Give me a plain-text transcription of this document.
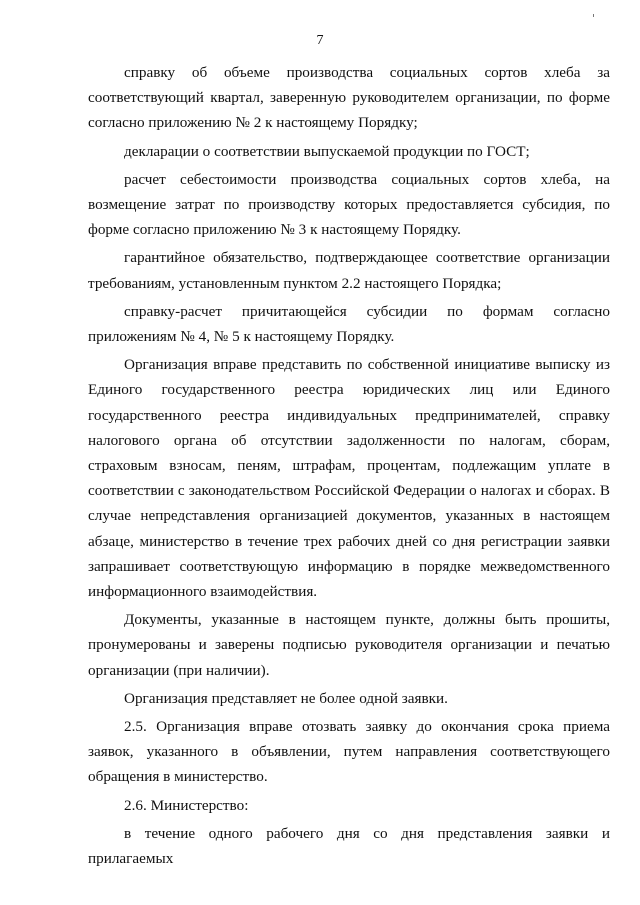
7

справку об объеме производства социальных сортов хлеба за соответствующий квартал, заверенную руководителем организации, по форме согласно приложению № 2 к настоящему Порядку;

декларации о соответствии выпускаемой продукции по ГОСТ;

расчет себестоимости производства социальных сортов хлеба, на возмещение затрат по производству которых предоставляется субсидия, по форме согласно приложению № 3 к настоящему Порядку.

гарантийное обязательство, подтверждающее соответствие организации требованиям, установленным пунктом 2.2 настоящего Порядка;

справку-расчет причитающейся субсидии по формам согласно приложениям № 4, № 5 к настоящему Порядку.

Организация вправе представить по собственной инициативе выписку из Единого государственного реестра юридических лиц или Единого государственного реестра индивидуальных предпринимателей, справку налогового органа об отсутствии задолженности по налогам, сборам, страховым взносам, пеням, штрафам, процентам, подлежащим уплате в соответствии с законодательством Российской Федерации о налогах и сборах. В случае непредставления организацией документов, указанных в настоящем абзаце, министерство в течение трех рабочих дней со дня регистрации заявки запрашивает соответствующую информацию в порядке межведомственного информационного взаимодействия.

Документы, указанные в настоящем пункте, должны быть прошиты, пронумерованы и заверены подписью руководителя организации и печатью организации (при наличии).

Организация представляет не более одной заявки.

2.5. Организация вправе отозвать заявку до окончания срока приема заявок, указанного в объявлении, путем направления соответствующего обращения в министерство.

2.6. Министерство:

в течение одного рабочего дня со дня представления заявки и прилагаемых
